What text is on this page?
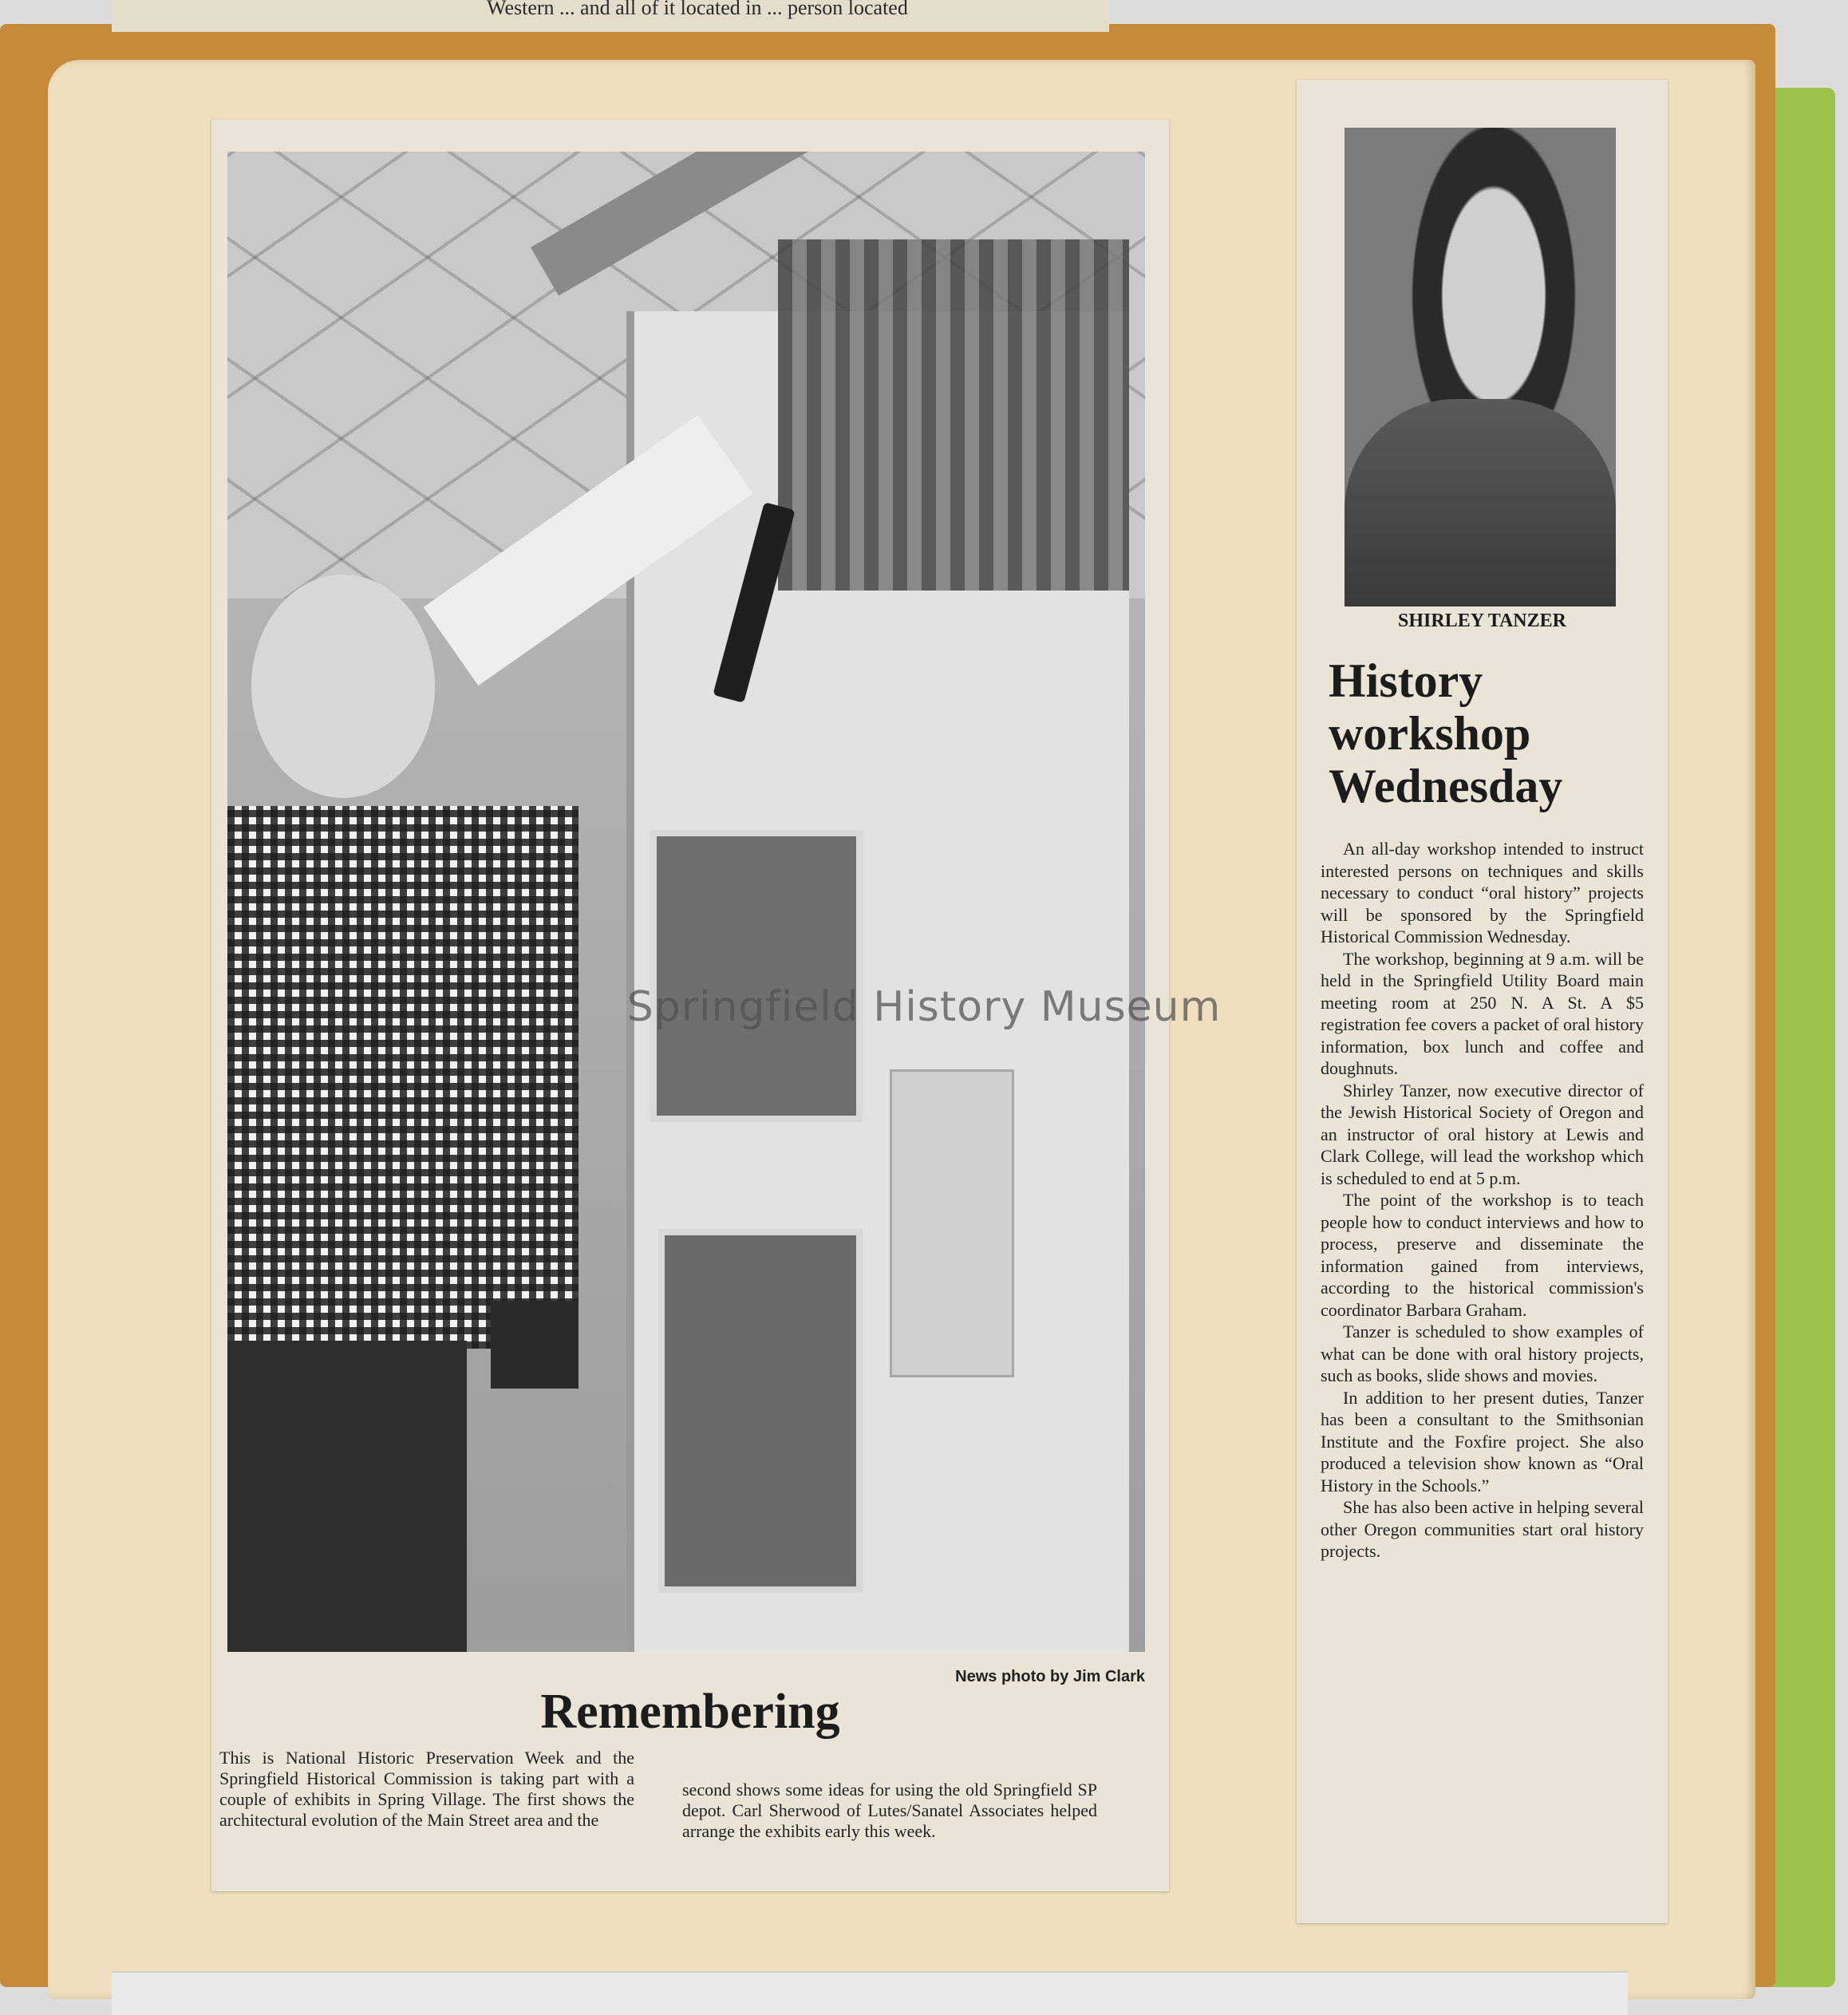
Western ... and all of it located in ... person located
News photo by Jim Clark
Remembering
This is National Historic Preservation Week and the Springfield Historical Commission is taking part with a couple of exhibits in Spring Village. The first shows the architectural evolution of the Main Street area and the
second shows some ideas for using the old Springfield SP depot. Carl Sherwood of Lutes/Sanatel Associates helped arrange the exhibits early this week.
SHIRLEY TANZER
History workshop Wednesday

An all-day workshop intended to instruct interested persons on techniques and skills necessary to conduct “oral history” projects will be sponsored by the Springfield Historical Commission Wednesday.

The workshop, beginning at 9 a.m. will be held in the Springfield Utility Board main meeting room at 250 N. A St. A $5 registration fee covers a packet of oral history information, box lunch and coffee and doughnuts.

Shirley Tanzer, now executive director of the Jewish Historical Society of Oregon and an instructor of oral history at Lewis and Clark College, will lead the workshop which is scheduled to end at 5 p.m.

The point of the workshop is to teach people how to conduct interviews and how to process, preserve and disseminate the information gained from interviews, according to the historical commission's coordinator Barbara Graham.

Tanzer is scheduled to show examples of what can be done with oral history projects, such as books, slide shows and movies.

In addition to her present duties, Tanzer has been a consultant to the Smithsonian Institute and the Foxfire project. She also produced a television show known as “Oral History in the Schools.”

She has also been active in helping several other Oregon communities start oral history projects.

Springfield History Museum
